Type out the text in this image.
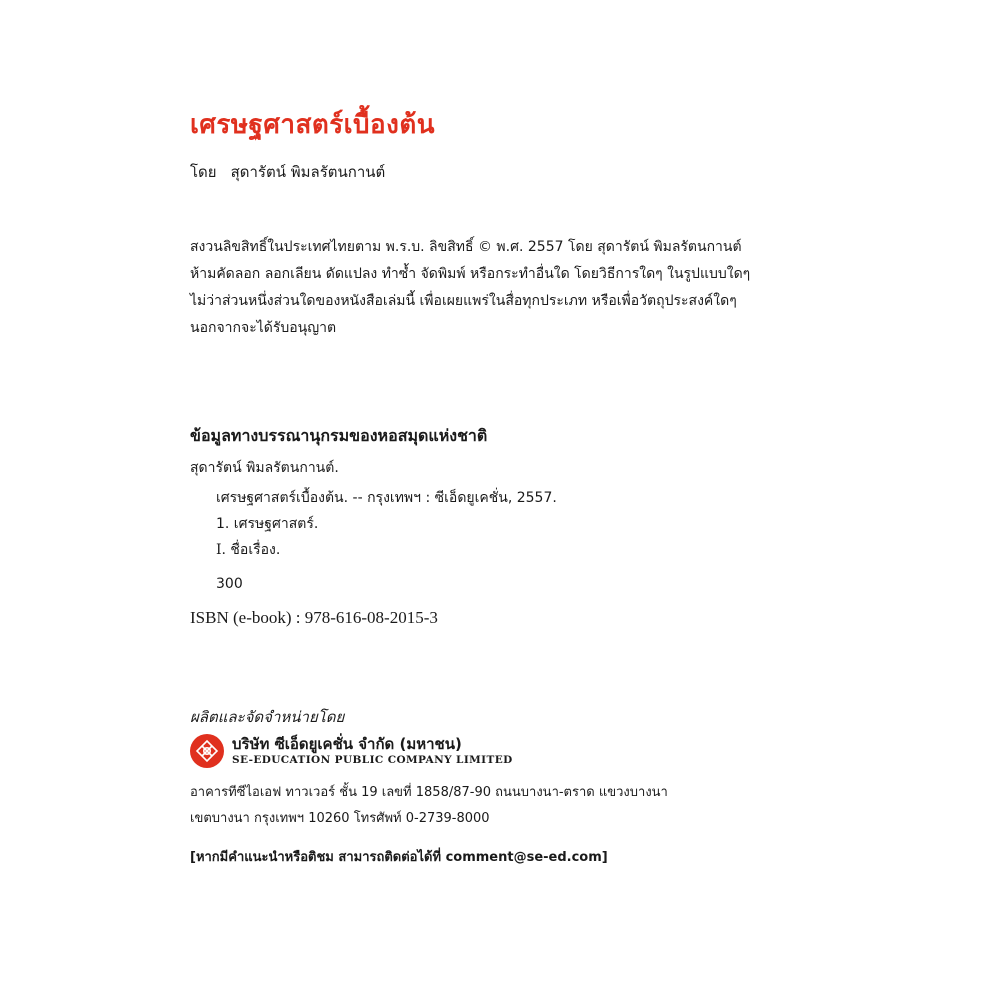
เศรษฐศาสตร์เบื้องต้น
โดย สุดารัตน์ พิมลรัตนกานต์
สงวนลิขสิทธิ์ในประเทศไทยตาม พ.ร.บ. ลิขสิทธิ์ © พ.ศ. 2557 โดย สุดารัตน์ พิมลรัตนกานต์
ห้ามคัดลอก ลอกเลียน ดัดแปลง ทำซ้ำ จัดพิมพ์ หรือกระทำอื่นใด โดยวิธีการใดๆ ในรูปแบบใดๆ
ไม่ว่าส่วนหนึ่งส่วนใดของหนังสือเล่มนี้ เพื่อเผยแพร่ในสื่อทุกประเภท หรือเพื่อวัตถุประสงค์ใดๆ
นอกจากจะได้รับอนุญาต
ข้อมูลทางบรรณานุกรมของหอสมุดแห่งชาติ
สุดารัตน์ พิมลรัตนกานต์.
เศรษฐศาสตร์เบื้องต้น. -- กรุงเทพฯ : ซีเอ็ดยูเคชั่น, 2557.
1. เศรษฐศาสตร์.
I. ชื่อเรื่อง.
300
ISBN (e-book) : 978-616-08-2015-3
ผลิตและจัดจำหน่ายโดย
บริษัท ซีเอ็ดยูเคชั่น จำกัด (มหาชน)
SE-EDUCATION PUBLIC COMPANY LIMITED
อาคารทีซีไอเอฟ ทาวเวอร์ ชั้น 19 เลขที่ 1858/87-90 ถนนบางนา-ตราด แขวงบางนา
เขตบางนา กรุงเทพฯ 10260 โทรศัพท์ 0-2739-8000
[หากมีคำแนะนำหรือติชม สามารถติดต่อได้ที่ comment@se-ed.com]
